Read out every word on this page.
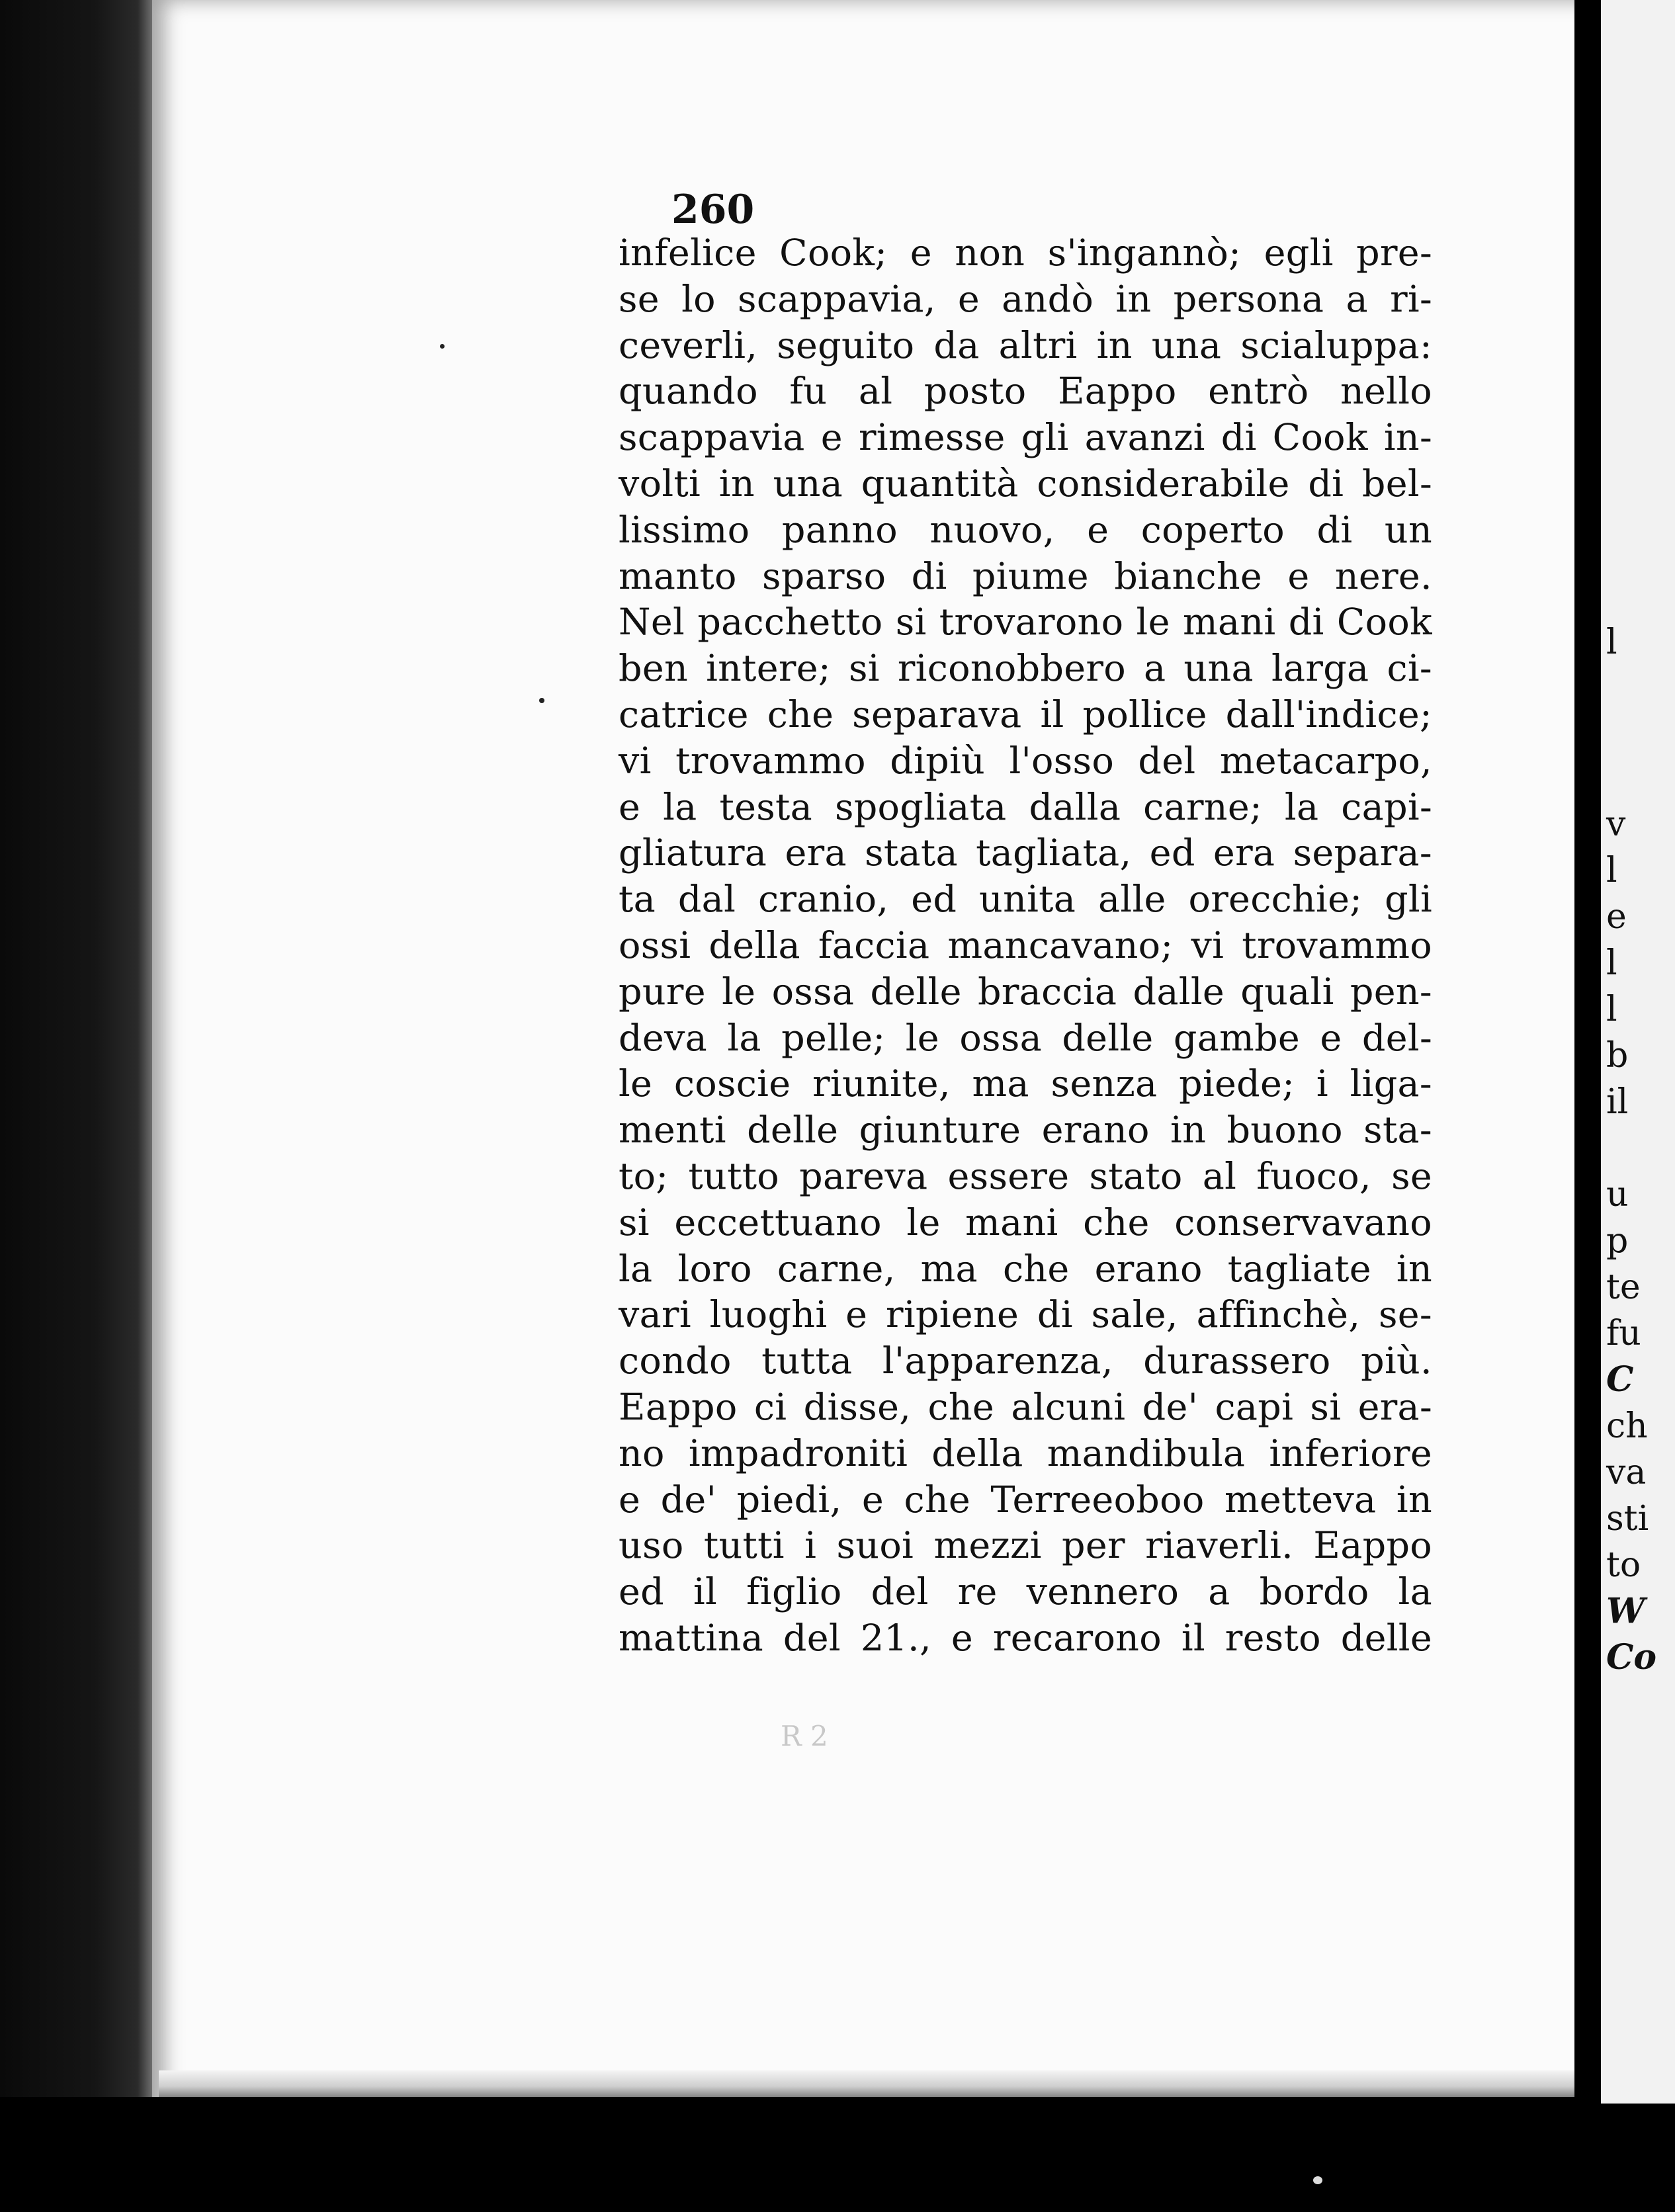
l
v
l
e
l
l
b
il
u
p
te
fu
C
ch
va
sti
to
W
Co
260
infelice Cook; e non s'ingannò; egli pre-
se lo scappavia, e andò in persona a ri-
ceverli, seguito da altri in una scialuppa:
quando fu al posto Eappo entrò nello
scappavia e rimesse gli avanzi di Cook in-
volti in una quantità considerabile di bel-
lissimo panno nuovo, e coperto di un
manto sparso di piume bianche e nere.
Nel pacchetto si trovarono le mani di Cook
ben intere; si riconobbero a una larga ci-
catrice che separava il pollice dall'indice;
vi trovammo dipiù l'osso del metacarpo,
e la testa spogliata dalla carne; la capi-
gliatura era stata tagliata, ed era separa-
ta dal cranio, ed unita alle orecchie; gli
ossi della faccia mancavano; vi trovammo
pure le ossa delle braccia dalle quali pen-
deva la pelle; le ossa delle gambe e del-
le coscie riunite, ma senza piede; i liga-
menti delle giunture erano in buono sta-
to; tutto pareva essere stato al fuoco, se
si eccettuano le mani che conservavano
la loro carne, ma che erano tagliate in
vari luoghi e ripiene di sale, affinchè, se-
condo tutta l'apparenza, durassero più.
Eappo ci disse, che alcuni de' capi si era-
no impadroniti della mandibula inferiore
e de' piedi, e che Terreeoboo metteva in
uso tutti i suoi mezzi per riaverli. Eappo
ed il figlio del re vennero a bordo la
mattina del 21., e recarono il resto delle
R 2
